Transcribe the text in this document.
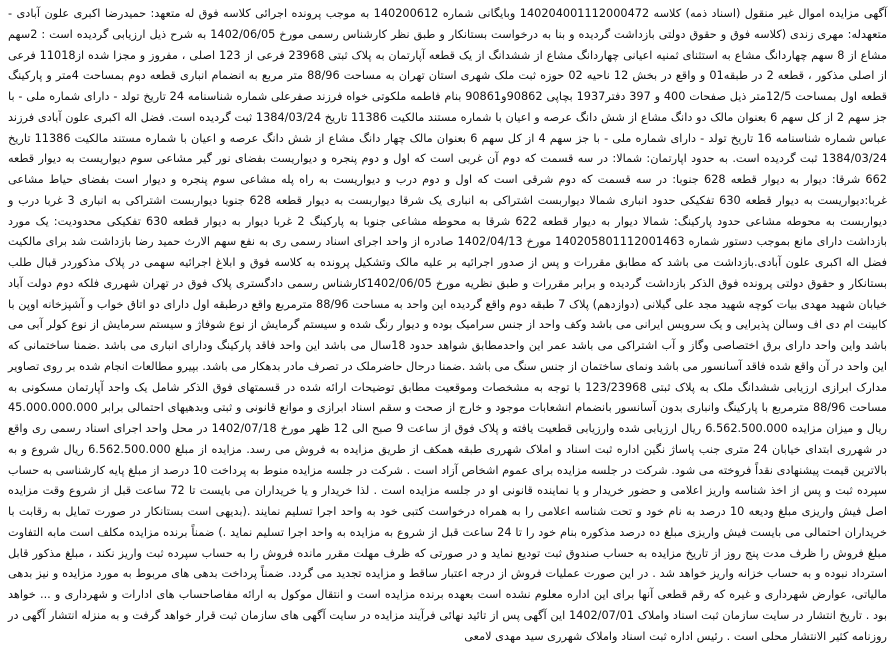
آگهی مزایده اموال غیر منقول (اسناد ذمه) کلاسه 140204001112000472 وبایگانی شماره 140200612 به موجب پرونده اجرائی کلاسه فوق له متعهد: حمیدرضا اکبری علون آبادی - متعهدله: مهری زندی (کلاسه فوق و حقوق دولتی بازداشت گردیده و بنا به درخواست بستانکار و طبق نظر کارشناس رسمی مورخ 1402/06/05 به شرح ذیل ارزیابی گردیده است : 2سهم مشاع از 8 سهم چهاردانگ مشاع به استثنای ثمنیه اعیانی چهاردانگ مشاع از ششدانگ از یک قطعه آپارتمان به پلاک ثبتی 23968 فرعی از 123 اصلی ، مفروز و مجزا شده از11018 فرعی از اصلی مذکور ، قطعه 2 در طبقه01 و واقع در بخش 12 ناحیه 02 حوزه ثبت ملک شهری استان تهران به مساحت 88/96 متر مربع به انضمام انباری قطعه دوم بمساحت 4متر و پارکینگ قطعه اول بمساحت 12/5متر ذیل صفحات 400 و 397 دفتر1937 بچاپی 90862و90861 بنام فاطمه ملکوتی خواه فرزند صفرعلی شماره شناسنامه 24 تاریخ تولد - دارای شماره ملی - با جز سهم 2 از کل سهم 6 بعنوان مالک دو دانگ مشاع از شش دانگ عرصه و اعیان با شماره مستند مالکیت 11386 تاریخ 1384/03/24 ثبت گردیده است. فضل اله اکبری علون آبادی فرزند عباس شماره شناسنامه 16 تاریخ تولد - دارای شماره ملی - با جز سهم 4 از کل سهم 6 بعنوان مالک چهار دانگ مشاع از شش دانگ عرصه و اعیان با شماره مستند مالکیت 11386 تاریخ 1384/03/24 ثبت گردیده است. به حدود اپارتمان: شمالا: در سه قسمت که دوم آن غربی است که اول و دوم پنجره و دیواریست بفضای نور گیر مشاعی سوم دیواریست به دیوار قطعه 662 شرقا: دیوار به دیوار قطعه 628 جنوبا: در سه قسمت که دوم شرقی است که اول و دوم درب و دیواریست به راه پله مشاعی سوم پنجره و دیوار است بفضای حیاط مشاعی غربا:دیواریست به دیوار قطعه 630 تفکیکی حدود انباری شمالا دیواربست اشتراکی به انباری یک شرقا دیواربست به دیوار قطعه 628 جنوبا دیواربست اشتراکی به انباری 3 غربا درب و دیواربست به محوطه مشاعی حدود پارکینگ: شمالا دیوار به دیوار قطعه 622 شرقا به محوطه مشاعی جنوبا به پارکینگ 2 غربا دیوار به دیوار قطعه 630 تفکیکی محدودیت: یک مورد بازداشت دارای مانع بموجب دستور شماره 140205801112001463 مورخ 1402/04/13 صادره از واحد اجرای اسناد رسمی ری به نفع سهم الارث حمید رضا بازداشت شد برای مالکیت فضل اله اکبری علون آبادی.بازداشت می باشد که مطابق مقررات و پس از صدور اجرائیه بر علیه مالک وتشکیل پرونده به کلاسه فوق و ابلاغ اجرائیه سهمی در پلاک مذکوردر قبال طلب بستانکار و حقوق دولتی پرونده فوق الذکر بازداشت گردیده و برابر مقررات و طبق نظریه مورخ 1402/06/05کارشناس رسمی دادگستری پلاک فوق در تهران شهرری فلکه دوم دولت آباد خیابان شهید مهدی بیات کوچه شهید مجد علی گیلانی (دوازدهم) پلاک 7 طبقه دوم واقع گردیده این واحد به مساحت 88/96 مترمربع واقع درطبقه اول دارای دو اتاق خواب و آشپزخانه اوپن با کابینت ام دی اف وسالن پذیرایی و یک سرویس ایرانی می باشد وکف واحد از جنس سرامیک بوده و دیوار رنگ شده و سیستم گرمایش از نوع شوفاژ و سیستم سرمایش از نوع کولر آبی می باشد واین واحد دارای برق اختصاصی وگاز و آب اشتراکی می باشد عمر این واحدمطابق شواهد حدود 18سال می باشد این واحد فاقد پارکینگ ودارای انباری می باشد .ضمنا ساختمانی که این واحد در آن واقع شده فاقد آسانسور می باشد ونمای ساختمان از جنس سنگ می باشد .ضمنا درحال حاضرملک در تصرف مادر بدهکار می باشد. بپیرو مطالعات انجام شده بر روی تصاویر مدارک ابرازی ارزیابی ششدانگ ملک به پلاک ثبتی 123/23968 با توجه به مشخصات وموقعیت مطابق توضیحات ارائه شده در قسمتهای فوق الذکر شامل یک واحد آپارتمان مسکونی به مساحت 88/96 مترمربع با پارکینگ وانباری بدون آسانسور بانضمام انشعابات موجود و خارج از صحت و سقم اسناد ابرازی و موانع قانونی و ثبتی وبدهیهای احتمالی برابر 45.000.000.000 ریال و میزان مزایده 6.562.500.000 ریال ارزیابی شده وارزیابی قطعیت یافته و پلاک فوق از ساعت 9 صبح الی 12 ظهر مورخ 1402/07/18 در محل واحد اجرای اسناد رسمی ری واقع در شهرری ابتدای خیابان 24 متری جنب پاساژ نگین اداره ثبت اسناد و املاک شهرری طبقه همکف از طریق مزایده به فروش می رسد. مزایده از مبلغ 6.562.500.000 ریال شروع و به بالاترین قیمت پیشنهادی نقداً فروخته می شود. شرکت در جلسه مزایده برای عموم اشخاص آزاد است . شرکت در جلسه مزایده منوط به پرداخت 10 درصد از مبلغ پایه کارشناسی به حساب سپرده ثبت و پس از اخذ شناسه واریز اعلامی و حضور خریدار و یا نماینده قانونی او در جلسه مزایده است . لذا خریدار و یا خریداران می بایست تا 72 ساعت قبل از شروع وقت مزایده اصل فیش واریزی مبلغ ودیعه 10 درصد به نام خود و تحت شناسه اعلامی را به همراه درخواست کتبی خود به واحد اجرا تسلیم نمایند .(بدیهی است بستانکار در صورت تمایل به رقابت با خریداران احتمالی می بایست فیش واریزی مبلغ ده درصد مذکوره بنام خود را تا 24 ساعت قبل از شروع به مزایده به واحد اجرا تسلیم نماید .) ضمناً برنده مزایده مکلف است مابه التفاوت مبلغ فروش را ظرف مدت پنج روز از تاریخ مزایده به حساب صندوق ثبت تودیع نماید و در صورتی که ظرف مهلت مقرر مانده فروش را به حساب سپرده ثبت واریز نکند ، مبلغ مذکور قابل استرداد نبوده و به حساب خزانه واریز خواهد شد . در این صورت عملیات فروش از درجه اعتبار ساقط و مزایده تجدید می گردد. ضمناً پرداخت بدهی های مربوط به مورد مزایده و نیز بدهی مالیاتی، عوارض شهرداری و غیره که رقم قطعی آنها برای این اداره معلوم نشده است بعهده برنده مزایده است و انتقال موکول به ارائه مفاصاحساب های ادارات و شهرداری و ... خواهد بود . تاریخ انتشار در سایت سازمان ثبت اسناد واملاک 1402/07/01 این آگهی پس از تائید نهائی فرآیند مزایده در سایت آگهی های سازمان ثبت قرار خواهد گرفت و به منزله انتشار آگهی در روزنامه کثیر الانتشار محلی است . رئیس اداره ثبت اسناد واملاک شهرری سید مهدی لامعی
